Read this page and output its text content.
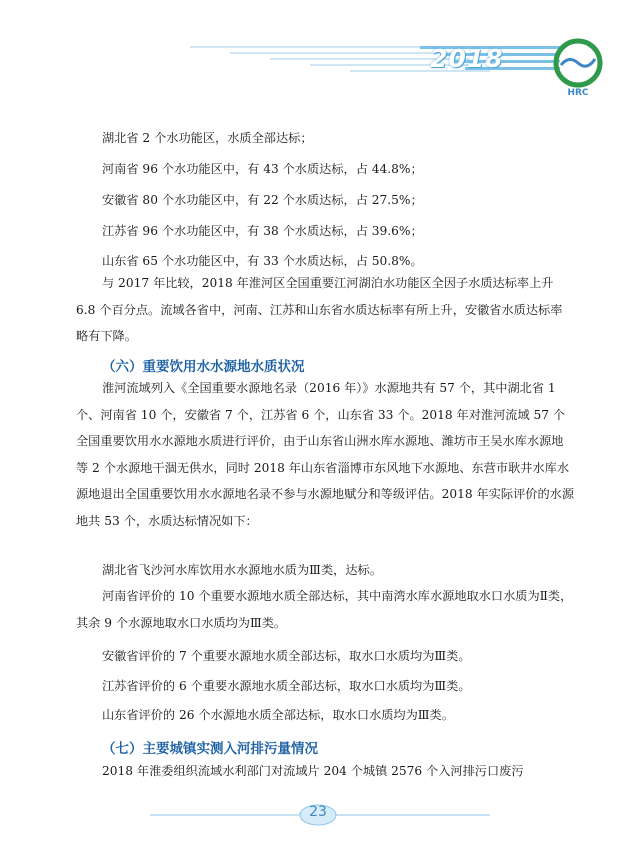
2018
HRC
湖北省 2 个水功能区，水质全部达标；
河南省 96 个水功能区中，有 43 个水质达标，占 44.8%；
安徽省 80 个水功能区中，有 22 个水质达标，占 27.5%；
江苏省 96 个水功能区中，有 38 个水质达标，占 39.6%；
山东省 65 个水功能区中，有 33 个水质达标，占 50.8%。
与 2017 年比较，2018 年淮河区全国重要江河湖泊水功能区全因子水质达标率上升 6.8 个百分点。流域各省中，河南、江苏和山东省水质达标率有所上升，安徽省水质达标率略有下降。
（六）重要饮用水水源地水质状况
淮河流域列入《全国重要水源地名录（2016 年）》水源地共有 57 个，其中湖北省 1 个、河南省 10 个，安徽省 7 个，江苏省 6 个，山东省 33 个。2018 年对淮河流域 57 个全国重要饮用水水源地水质进行评价，由于山东省山洲水库水源地、潍坊市王吴水库水源地等 2 个水源地干涸无供水，同时 2018 年山东省淄博市东风地下水源地、东营市耿井水库水源地退出全国重要饮用水水源地名录不参与水源地赋分和等级评估。2018 年实际评价的水源地共 53 个，水质达标情况如下：
湖北省飞沙河水库饮用水水源地水质为Ⅲ类，达标。
河南省评价的 10 个重要水源地水质全部达标，其中南湾水库水源地取水口水质为Ⅱ类，其余 9 个水源地取水口水质均为Ⅲ类。
安徽省评价的 7 个重要水源地水质全部达标，取水口水质均为Ⅲ类。
江苏省评价的 6 个重要水源地水质全部达标，取水口水质均为Ⅲ类。
山东省评价的 26 个水源地水质全部达标，取水口水质均为Ⅲ类。
（七）主要城镇实测入河排污量情况
2018 年淮委组织流域水利部门对流域片 204 个城镇 2576 个入河排污口废污
23
